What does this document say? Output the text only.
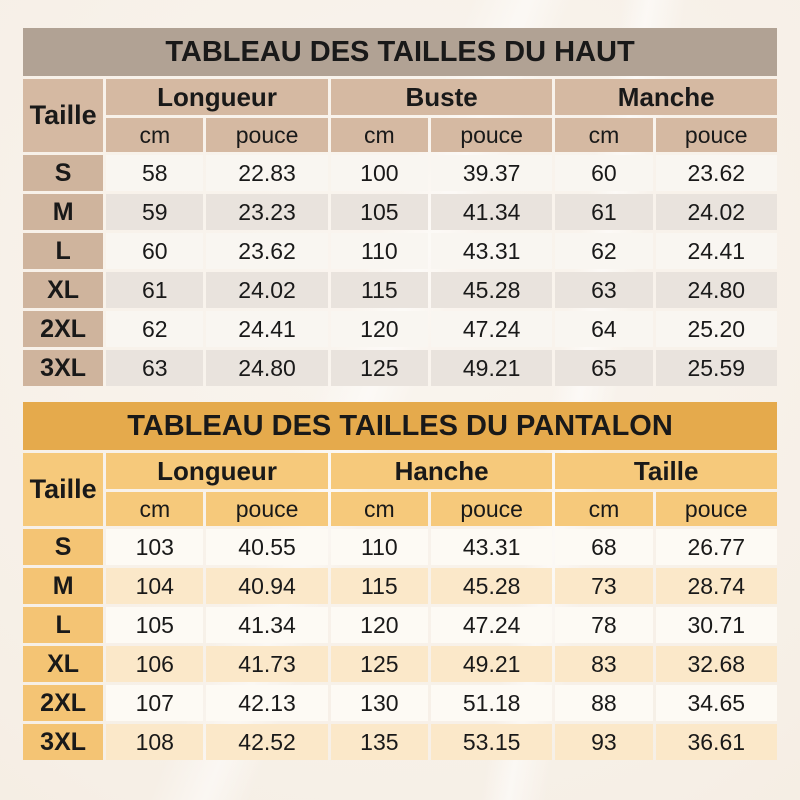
TABLEAU DES TAILLES DU HAUT						
Taille	Longueur		Buste		Manche	
	cm	pouce	cm	pouce	cm	pouce
S	58	22.83	100	39.37	60	23.62
M	59	23.23	105	41.34	61	24.02
L	60	23.62	110	43.31	62	24.41
XL	61	24.02	115	45.28	63	24.80
2XL	62	24.41	120	47.24	64	25.20
3XL	63	24.80	125	49.21	65	25.59
TABLEAU DES TAILLES DU PANTALON						
Taille	Longueur		Hanche		Taille	
	cm	pouce	cm	pouce	cm	pouce
S	103	40.55	110	43.31	68	26.77
M	104	40.94	115	45.28	73	28.74
L	105	41.34	120	47.24	78	30.71
XL	106	41.73	125	49.21	83	32.68
2XL	107	42.13	130	51.18	88	34.65
3XL	108	42.52	135	53.15	93	36.61
